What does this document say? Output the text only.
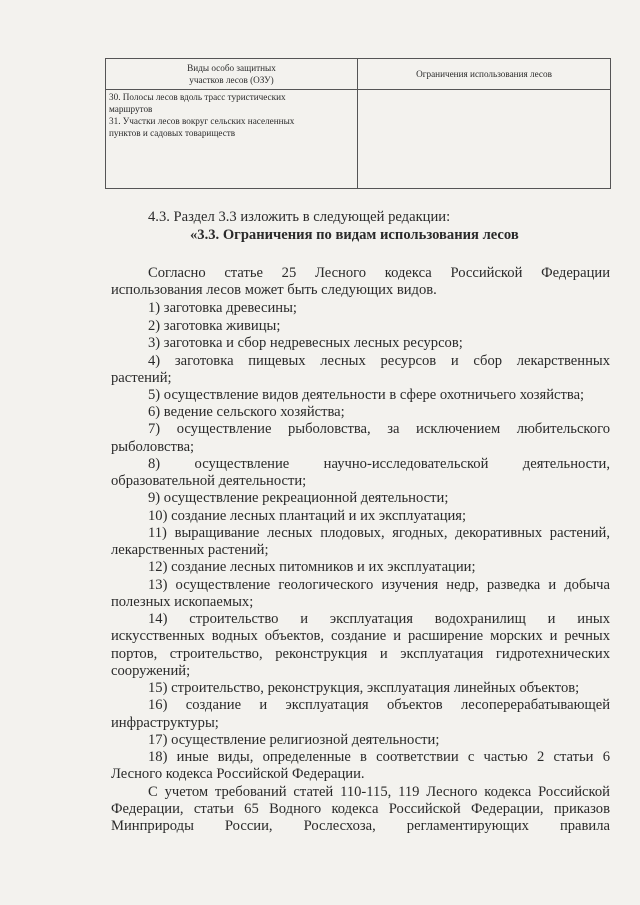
Виды особо защитных
участков лесов (ОЗУ)	Ограничения использования лесов

30. Полосы лесов вдоль трасс туристических
маршрутов
31. Участки лесов вокруг сельских населенных
пунктов и садовых товариществ	

4.3. Раздел 3.3 изложить в следующей редакции:
«3.3. Ограничения по видам использования лесов
Согласно статье 25 Лесного кодекса Российской Федерации
использования лесов может быть следующих видов.
1) заготовка древесины;
2) заготовка живицы;
3) заготовка и сбор недревесных лесных ресурсов;
4) заготовка пищевых лесных ресурсов и сбор лекарственных
растений;
5) осуществление видов деятельности в сфере охотничьего хозяйства;
6) ведение сельского хозяйства;
7) осуществление рыболовства, за исключением любительского
рыболовства;
8) осуществление научно-исследовательской деятельности,
образовательной деятельности;
9) осуществление рекреационной деятельности;
10) создание лесных плантаций и их эксплуатация;
11) выращивание лесных плодовых, ягодных, декоративных растений,
лекарственных растений;
12) создание лесных питомников и их эксплуатации;
13) осуществление геологического изучения недр, разведка и добыча
полезных ископаемых;
14) строительство и эксплуатация водохранилищ и иных
искусственных водных объектов, создание и расширение морских и речных
портов, строительство, реконструкция и эксплуатация гидротехнических
сооружений;
15) строительство, реконструкция, эксплуатация линейных объектов;
16) создание и эксплуатация объектов лесоперерабатывающей
инфраструктуры;
17) осуществление религиозной деятельности;
18) иные виды, определенные в соответствии с частью 2 статьи 6
Лесного кодекса Российской Федерации.
С учетом требований статей 110-115, 119 Лесного кодекса Российской
Федерации, статьи 65 Водного кодекса Российской Федерации, приказов
Минприроды России, Рослесхоза, регламентирующих правила
